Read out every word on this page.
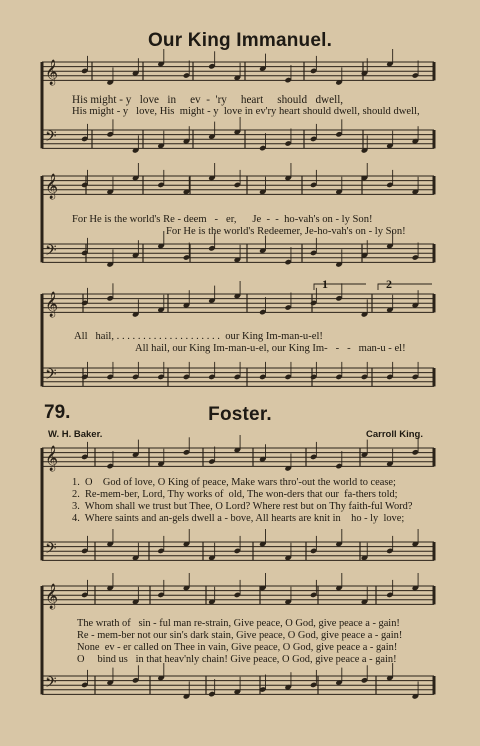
𝄞
𝄢
𝄞
𝄢
𝄞
𝄢
𝄞
𝄢
𝄞
𝄢
Our King Immanuel.
His might - y   love   in     ev  -  'ry     heart     should   dwell,
His might - y   love, His  might - y  love in ev'ry heart should dwell, should dwell,
For He is the world's Re - deem   -   er,      Je  -  -  ho-vah's on - ly Son!
For He is the world's Redeemer, Je-ho-vah's on - ly Son!
All   hail, . . . . . . . . . . . . . . . . . . . .  our King Im-man-u-el!
All hail, our King Im-man-u-el, our King Im-   -   -   man-u - el!
1	2
79.	Foster.
W. H. Baker.	Carroll King.
1.  O    God of love, O King of peace, Make wars thro'-out the world to cease;
2.  Re-mem-ber, Lord, Thy works of  old, The won-ders that our  fa-thers told;
3.  Whom shall we trust but Thee, O Lord? Where rest but on Thy faith-ful Word?
4.  Where saints and an-gels dwell a - bove, All hearts are knit in    ho - ly  love;
The wrath of   sin - ful man re-strain, Give peace, O God, give peace a - gain!
Re - mem-ber not our sin's dark stain, Give peace, O God, give peace a - gain!
None  ev - er called on Thee in vain, Give peace, O God, give peace a - gain!
O     bind us   in that heav'nly chain! Give peace, O God, give peace a - gain!
